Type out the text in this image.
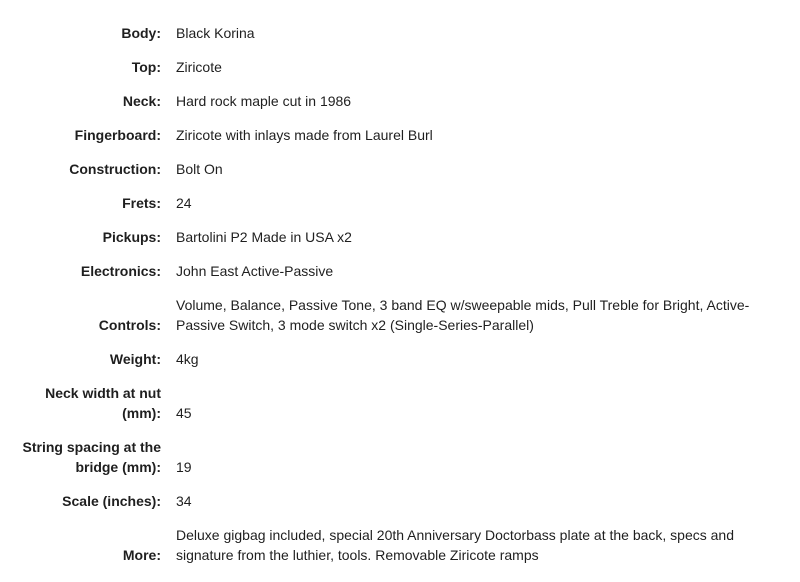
Body:	Black Korina
Top:	Ziricote
Neck:	Hard rock maple cut in 1986
Fingerboard:	Ziricote with inlays made from Laurel Burl
Construction:	Bolt On
Frets:	24
Pickups:	Bartolini P2 Made in USA x2
Electronics:	John East Active-Passive
Controls:	Volume, Balance, Passive Tone, 3 band EQ w/sweepable mids, Pull Treble for Bright, Active-Passive Switch, 3 mode switch x2 (Single-Series-Parallel)
Weight:	4kg
Neck width at nut (mm):	45
String spacing at the bridge (mm):	19
Scale (inches):	34
More:	Deluxe gigbag included, special 20th Anniversary Doctorbass plate at the back, specs and signature from the luthier, tools. Removable Ziricote ramps
